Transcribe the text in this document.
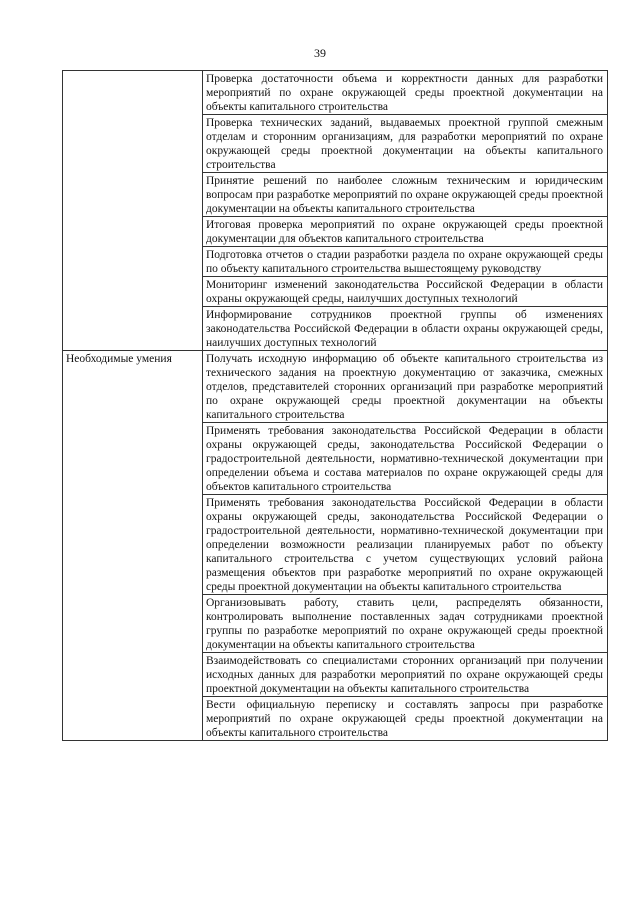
39
	Проверка достаточности объема и корректности данных для разработки мероприятий по охране окружающей среды проектной документации на объекты капитального строительства
	Проверка технических заданий, выдаваемых проектной группой смежным отделам и сторонним организациям, для разработки мероприятий по охране окружающей среды проектной документации на объекты капитального строительства
	Принятие решений по наиболее сложным техническим и юридическим вопросам при разработке мероприятий по охране окружающей среды проектной документации на объекты капитального строительства
	Итоговая проверка мероприятий по охране окружающей среды проектной документации для объектов капитального строительства
	Подготовка отчетов о стадии разработки раздела по охране окружающей среды по объекту капитального строительства вышестоящему руководству
	Мониторинг изменений законодательства Российской Федерации в области охраны окружающей среды, наилучших доступных технологий
	Информирование сотрудников проектной группы об изменениях законодательства Российской Федерации в области охраны окружающей среды, наилучших доступных технологий
Необходимые умения	Получать исходную информацию об объекте капитального строительства из технического задания на проектную документацию от заказчика, смежных отделов, представителей сторонних организаций при разработке мероприятий по охране окружающей среды проектной документации на объекты капитального строительства
	Применять требования законодательства Российской Федерации в области охраны окружающей среды, законодательства Российской Федерации о градостроительной деятельности, нормативно-технической документации при определении объема и состава материалов по охране окружающей среды для объектов капитального строительства
	Применять требования законодательства Российской Федерации в области охраны окружающей среды, законодательства Российской Федерации о градостроительной деятельности, нормативно-технической документации при определении возможности реализации планируемых работ по объекту капитального строительства с учетом существующих условий района размещения объектов при разработке мероприятий по охране окружающей среды проектной документации на объекты капитального строительства
	Организовывать работу, ставить цели, распределять обязанности, контролировать выполнение поставленных задач сотрудниками проектной группы по разработке мероприятий по охране окружающей среды проектной документации на объекты капитального строительства
	Взаимодействовать со специалистами сторонних организаций при получении исходных данных для разработки мероприятий по охране окружающей среды проектной документации на объекты капитального строительства
	Вести официальную переписку и составлять запросы при разработке мероприятий по охране окружающей среды проектной документации на объекты капитального строительства
